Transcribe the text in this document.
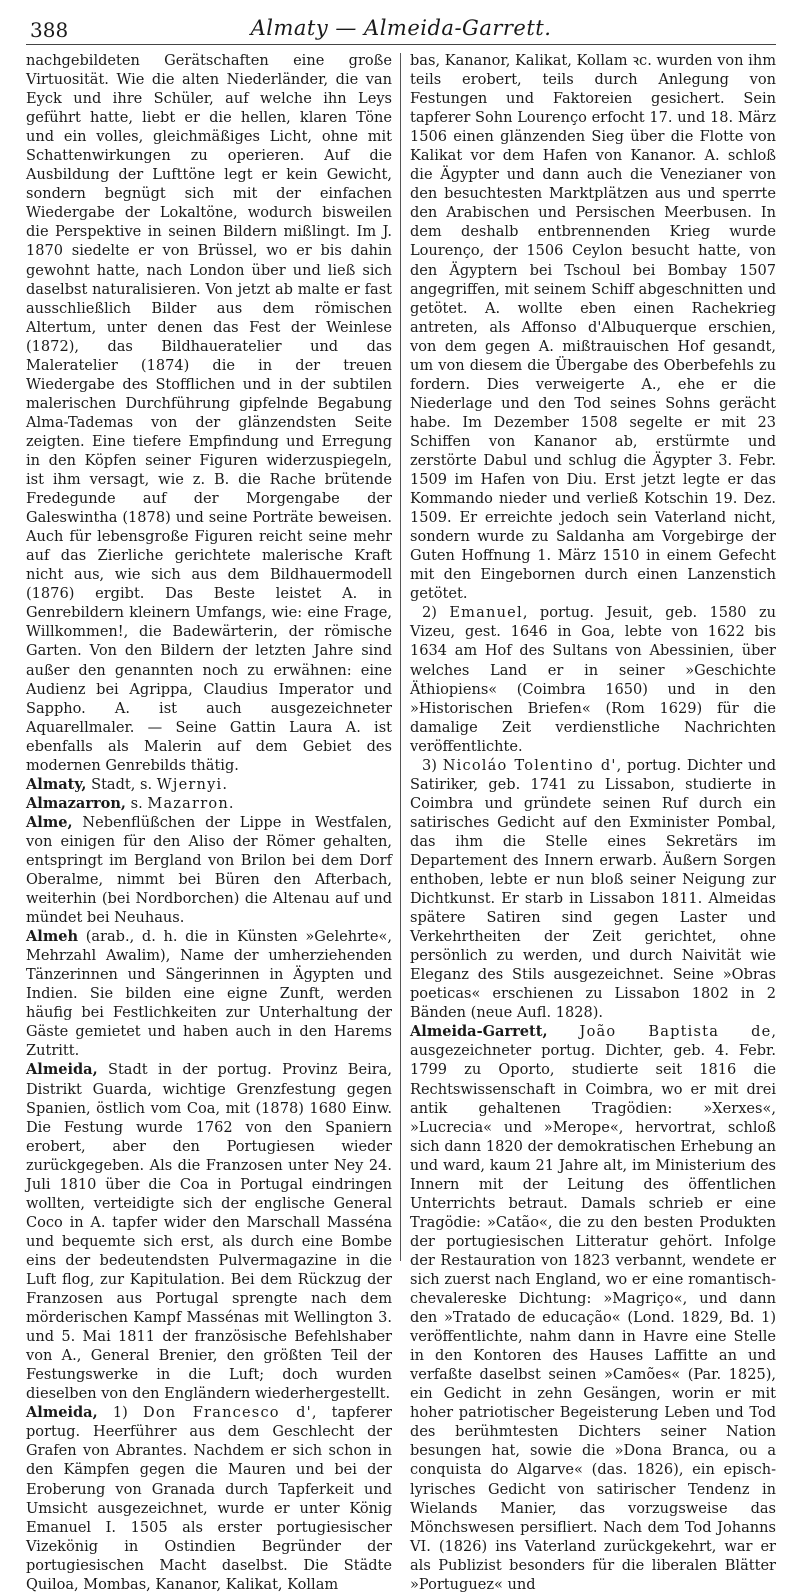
388	Almaty — Almeida-Garrett.

nachgebildeten Gerätschaften eine große Virtuosität. Wie die alten Niederländer, die van Eyck und ihre Schüler, auf welche ihn Leys geführt hatte, liebt er die hellen, klaren Töne und ein volles, gleichmäßiges Licht, ohne mit Schattenwirkungen zu operieren. Auf die Ausbildung der Lufttöne legt er kein Gewicht, sondern begnügt sich mit der einfachen Wiedergabe der Lokaltöne, wodurch bisweilen die Perspektive in seinen Bildern mißlingt. Im J. 1870 siedelte er von Brüssel, wo er bis dahin gewohnt hatte, nach London über und ließ sich daselbst naturalisieren. Von jetzt ab malte er fast ausschließlich Bilder aus dem römischen Altertum, unter denen das Fest der Weinlese (1872), das Bildhaueratelier und das Maleratelier (1874) die in der treuen Wiedergabe des Stofflichen und in der subtilen malerischen Durchführung gipfelnde Begabung Alma-Tademas von der glänzendsten Seite zeigten. Eine tiefere Empfindung und Erregung in den Köpfen seiner Figuren widerzuspiegeln, ist ihm versagt, wie z. B. die Rache brütende Fredegunde auf der Morgengabe der Galeswintha (1878) und seine Porträte beweisen. Auch für lebensgroße Figuren reicht seine mehr auf das Zierliche gerichtete malerische Kraft nicht aus, wie sich aus dem Bildhauermodell (1876) ergibt. Das Beste leistet A. in Genrebildern kleinern Umfangs, wie: eine Frage, Willkommen!, die Badewärterin, der römische Garten. Von den Bildern der letzten Jahre sind außer den genannten noch zu erwähnen: eine Audienz bei Agrippa, Claudius Imperator und Sappho. A. ist auch ausgezeichneter Aquarellmaler. — Seine Gattin Laura A. ist ebenfalls als Malerin auf dem Gebiet des modernen Genrebilds thätig.

Almaty, Stadt, s. Wjernyi.

Almazarron, s. Mazarron.

Alme, Nebenflüßchen der Lippe in Westfalen, von einigen für den Aliso der Römer gehalten, entspringt im Bergland von Brilon bei dem Dorf Oberalme, nimmt bei Büren den Afterbach, weiterhin (bei Nordborchen) die Altenau auf und mündet bei Neuhaus.

Almeh (arab., d. h. die in Künsten »Gelehrte«, Mehrzahl Awalim), Name der umherziehenden Tänzerinnen und Sängerinnen in Ägypten und Indien. Sie bilden eine eigne Zunft, werden häufig bei Festlichkeiten zur Unterhaltung der Gäste gemietet und haben auch in den Harems Zutritt.

Almeida, Stadt in der portug. Provinz Beira, Distrikt Guarda, wichtige Grenzfestung gegen Spanien, östlich vom Coa, mit (1878) 1680 Einw. Die Festung wurde 1762 von den Spaniern erobert, aber den Portugiesen wieder zurückgegeben. Als die Franzosen unter Ney 24. Juli 1810 über die Coa in Portugal eindringen wollten, verteidigte sich der englische General Coco in A. tapfer wider den Marschall Masséna und bequemte sich erst, als durch eine Bombe eins der bedeutendsten Pulvermagazine in die Luft flog, zur Kapitulation. Bei dem Rückzug der Franzosen aus Portugal sprengte nach dem mörderischen Kampf Massénas mit Wellington 3. und 5. Mai 1811 der französische Befehlshaber von A., General Brenier, den größten Teil der Festungswerke in die Luft; doch wurden dieselben von den Engländern wiederhergestellt.

Almeida, 1) Don Francesco d', tapferer portug. Heerführer aus dem Geschlecht der Grafen von Abrantes. Nachdem er sich schon in den Kämpfen gegen die Mauren und bei der Eroberung von Granada durch Tapferkeit und Umsicht ausgezeichnet, wurde er unter König Emanuel I. 1505 als erster portugiesischer Vizekönig in Ostindien Begründer der portugiesischen Macht daselbst. Die Städte Quiloa, Mombas, Kananor, Kalikat, Kollam

bas, Kananor, Kalikat, Kollam ꝛc. wurden von ihm teils erobert, teils durch Anlegung von Festungen und Faktoreien gesichert. Sein tapferer Sohn Lourenço erfocht 17. und 18. März 1506 einen glänzenden Sieg über die Flotte von Kalikat vor dem Hafen von Kananor. A. schloß die Ägypter und dann auch die Venezianer von den besuchtesten Marktplätzen aus und sperrte den Arabischen und Persischen Meerbusen. In dem deshalb entbrennenden Krieg wurde Lourenço, der 1506 Ceylon besucht hatte, von den Ägyptern bei Tschoul bei Bombay 1507 angegriffen, mit seinem Schiff abgeschnitten und getötet. A. wollte eben einen Rachekrieg antreten, als Affonso d'Albuquerque erschien, von dem gegen A. mißtrauischen Hof gesandt, um von diesem die Übergabe des Oberbefehls zu fordern. Dies verweigerte A., ehe er die Niederlage und den Tod seines Sohns gerächt habe. Im Dezember 1508 segelte er mit 23 Schiffen von Kananor ab, erstürmte und zerstörte Dabul und schlug die Ägypter 3. Febr. 1509 im Hafen von Diu. Erst jetzt legte er das Kommando nieder und verließ Kotschin 19. Dez. 1509. Er erreichte jedoch sein Vaterland nicht, sondern wurde zu Saldanha am Vorgebirge der Guten Hoffnung 1. März 1510 in einem Gefecht mit den Eingebornen durch einen Lanzenstich getötet.

2) Emanuel, portug. Jesuit, geb. 1580 zu Vizeu, gest. 1646 in Goa, lebte von 1622 bis 1634 am Hof des Sultans von Abessinien, über welches Land er in seiner »Geschichte Äthiopiens« (Coimbra 1650) und in den »Historischen Briefen« (Rom 1629) für die damalige Zeit verdienstliche Nachrichten veröffentlichte.

3) Nicoláo Tolentino d', portug. Dichter und Satiriker, geb. 1741 zu Lissabon, studierte in Coimbra und gründete seinen Ruf durch ein satirisches Gedicht auf den Exminister Pombal, das ihm die Stelle eines Sekretärs im Departement des Innern erwarb. Äußern Sorgen enthoben, lebte er nun bloß seiner Neigung zur Dichtkunst. Er starb in Lissabon 1811. Almeidas spätere Satiren sind gegen Laster und Verkehrtheiten der Zeit gerichtet, ohne persönlich zu werden, und durch Naivität wie Eleganz des Stils ausgezeichnet. Seine »Obras poeticas« erschienen zu Lissabon 1802 in 2 Bänden (neue Aufl. 1828).

Almeida-Garrett, João Baptista de, ausgezeichneter portug. Dichter, geb. 4. Febr. 1799 zu Oporto, studierte seit 1816 die Rechtswissenschaft in Coimbra, wo er mit drei antik gehaltenen Tragödien: »Xerxes«, »Lucrecia« und »Merope«, hervortrat, schloß sich dann 1820 der demokratischen Erhebung an und ward, kaum 21 Jahre alt, im Ministerium des Innern mit der Leitung des öffentlichen Unterrichts betraut. Damals schrieb er eine Tragödie: »Catão«, die zu den besten Produkten der portugiesischen Litteratur gehört. Infolge der Restauration von 1823 verbannt, wendete er sich zuerst nach England, wo er eine romantisch-chevalereske Dichtung: »Magriço«, und dann den »Tratado de educação« (Lond. 1829, Bd. 1) veröffentlichte, nahm dann in Havre eine Stelle in den Kontoren des Hauses Laffitte an und verfaßte daselbst seinen »Camões« (Par. 1825), ein Gedicht in zehn Gesängen, worin er mit hoher patriotischer Begeisterung Leben und Tod des berühmtesten Dichters seiner Nation besungen hat, sowie die »Dona Branca, ou a conquista do Algarve« (das. 1826), ein episch-lyrisches Gedicht von satirischer Tendenz in Wielands Manier, das vorzugsweise das Mönchswesen persifliert. Nach dem Tod Johanns VI. (1826) ins Vaterland zurückgekehrt, war er als Publizist besonders für die liberalen Blätter »Portuguez« und
